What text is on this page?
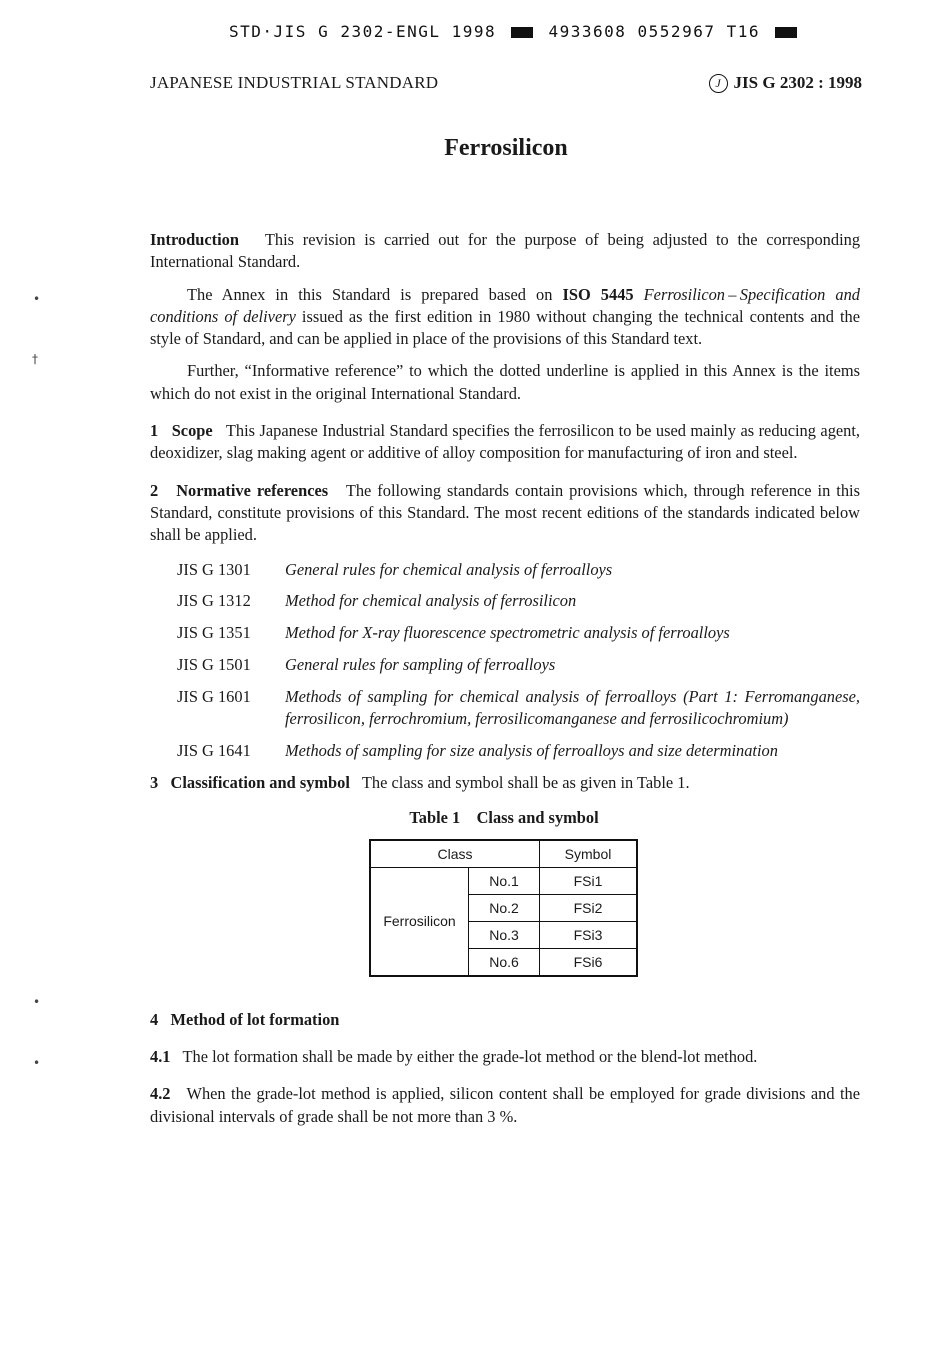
STD·JIS G 2302-ENGL 1998	4933608 0552967 T16
JAPANESE INDUSTRIAL STANDARD	J JIS G 2302 : 1998
Ferrosilicon
•
†
•
•

Introduction This revision is carried out for the purpose of being adjusted to the corresponding International Standard.

The Annex in this Standard is prepared based on ISO 5445 Ferrosilicon – Specification and conditions of delivery issued as the first edition in 1980 without changing the technical contents and the style of Standard, and can be applied in place of the provisions of this Standard text.

Further, “Informative reference” to which the dotted underline is applied in this Annex is the items which do not exist in the original International Standard.

1 Scope This Japanese Industrial Standard specifies the ferrosilicon to be used mainly as reducing agent, deoxidizer, slag making agent or additive of alloy composition for manufacturing of iron and steel.

2 Normative references The following standards contain provisions which, through reference in this Standard, constitute provisions of this Standard. The most recent editions of the standards indicated below shall be applied.

JIS G 1301	General rules for chemical analysis of ferroalloys
JIS G 1312	Method for chemical analysis of ferrosilicon
JIS G 1351	Method for X-ray fluorescence spectrometric analysis of ferroalloys
JIS G 1501	General rules for sampling of ferroalloys
JIS G 1601	Methods of sampling for chemical analysis of ferroalloys (Part 1: Ferromanganese, ferrosilicon, ferrochromium, ferrosilicomanganese and ferrosilicochromium)
JIS G 1641	Methods of sampling for size analysis of ferroalloys and size determination

3 Classification and symbol The class and symbol shall be as given in Table 1.

Table 1    Class and symbol
Class		Symbol
Ferrosilicon	No.1	FSi1
	No.2	FSi2
	No.3	FSi3
	No.6	FSi6

4 Method of lot formation

4.1 The lot formation shall be made by either the grade-lot method or the blend-lot method.

4.2 When the grade-lot method is applied, silicon content shall be employed for grade divisions and the divisional intervals of grade shall be not more than 3 %.
